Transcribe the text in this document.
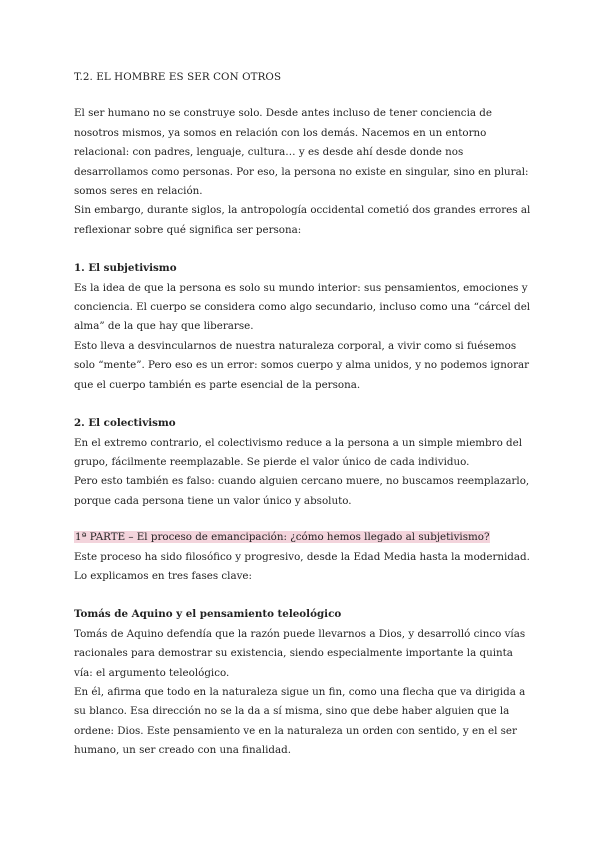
T.2. EL HOMBRE ES SER CON OTROS

El ser humano no se construye solo. Desde antes incluso de tener conciencia de nosotros mismos, ya somos en relación con los demás. Nacemos en un entorno relacional: con padres, lenguaje, cultura… y es desde ahí desde donde nos desarrollamos como personas. Por eso, la persona no existe en singular, sino en plural: somos seres en relación.

Sin embargo, durante siglos, la antropología occidental cometió dos grandes errores al reflexionar sobre qué significa ser persona:

1. El subjetivismo

Es la idea de que la persona es solo su mundo interior: sus pensamientos, emociones y conciencia. El cuerpo se considera como algo secundario, incluso como una “cárcel del alma” de la que hay que liberarse.

Esto lleva a desvincularnos de nuestra naturaleza corporal, a vivir como si fuésemos solo “mente”. Pero eso es un error: somos cuerpo y alma unidos, y no podemos ignorar que el cuerpo también es parte esencial de la persona.

2. El colectivismo

En el extremo contrario, el colectivismo reduce a la persona a un simple miembro del grupo, fácilmente reemplazable. Se pierde el valor único de cada individuo.

Pero esto también es falso: cuando alguien cercano muere, no buscamos reemplazarlo, porque cada persona tiene un valor único y absoluto.

1ª PARTE – El proceso de emancipación: ¿cómo hemos llegado al subjetivismo?

Este proceso ha sido filosófico y progresivo, desde la Edad Media hasta la modernidad. Lo explicamos en tres fases clave:

Tomás de Aquino y el pensamiento teleológico

Tomás de Aquino defendía que la razón puede llevarnos a Dios, y desarrolló cinco vías racionales para demostrar su existencia, siendo especialmente importante la quinta vía: el argumento teleológico.

En él, afirma que todo en la naturaleza sigue un fin, como una flecha que va dirigida a su blanco. Esa dirección no se la da a sí misma, sino que debe haber alguien que la ordene: Dios. Este pensamiento ve en la naturaleza un orden con sentido, y en el ser humano, un ser creado con una finalidad.
